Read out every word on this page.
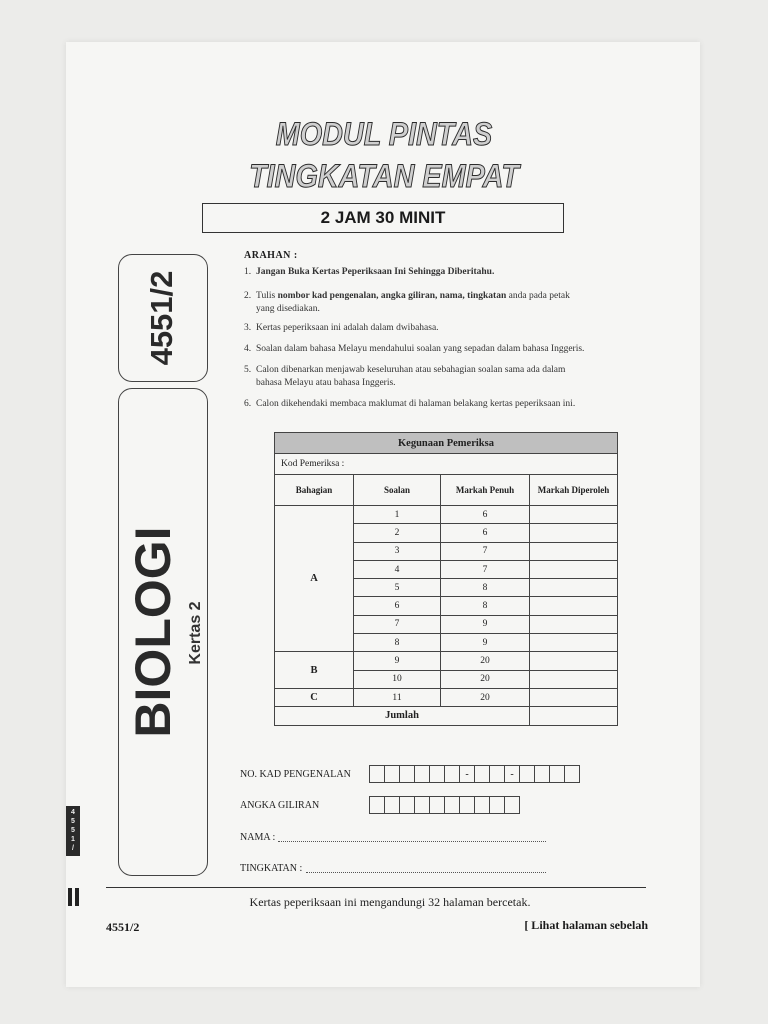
MODUL PINTAS
TINGKATAN EMPAT
2 JAM 30 MINIT
4551/2
BIOLOGI Kertas 2
4
5
5
1
/
ARAHAN :
1. Jangan Buka Kertas Peperiksaan Ini Sehingga Diberitahu.
2. Tulis nombor kad pengenalan, angka giliran, nama, tingkatan anda pada petak
yang disediakan.
3. Kertas peperiksaan ini adalah dalam dwibahasa.
4. Soalan dalam bahasa Melayu mendahului soalan yang sepadan dalam bahasa Inggeris.
5. Calon dibenarkan menjawab keseluruhan atau sebahagian soalan sama ada dalam
bahasa Melayu atau bahasa Inggeris.
6. Calon dikehendaki membaca maklumat di halaman belakang kertas peperiksaan ini.
Kegunaan Pemeriksa			
Kod Pemeriksa :			
Bahagian	Soalan	Markah Penuh	Markah Diperoleh
A	1	6	
	2	6	
	3	7	
	4	7	
	5	8	
	6	8	
	7	9	
	8	9	
B	9	20	
	10	20	
C	11	20	
Jumlah			
NO. KAD PENGENALAN	-	-
ANGKA GILIRAN
NAMA :
TINGKATAN :
Kertas peperiksaan ini mengandungi 32 halaman bercetak.
4551/2	[ Lihat halaman sebelah
